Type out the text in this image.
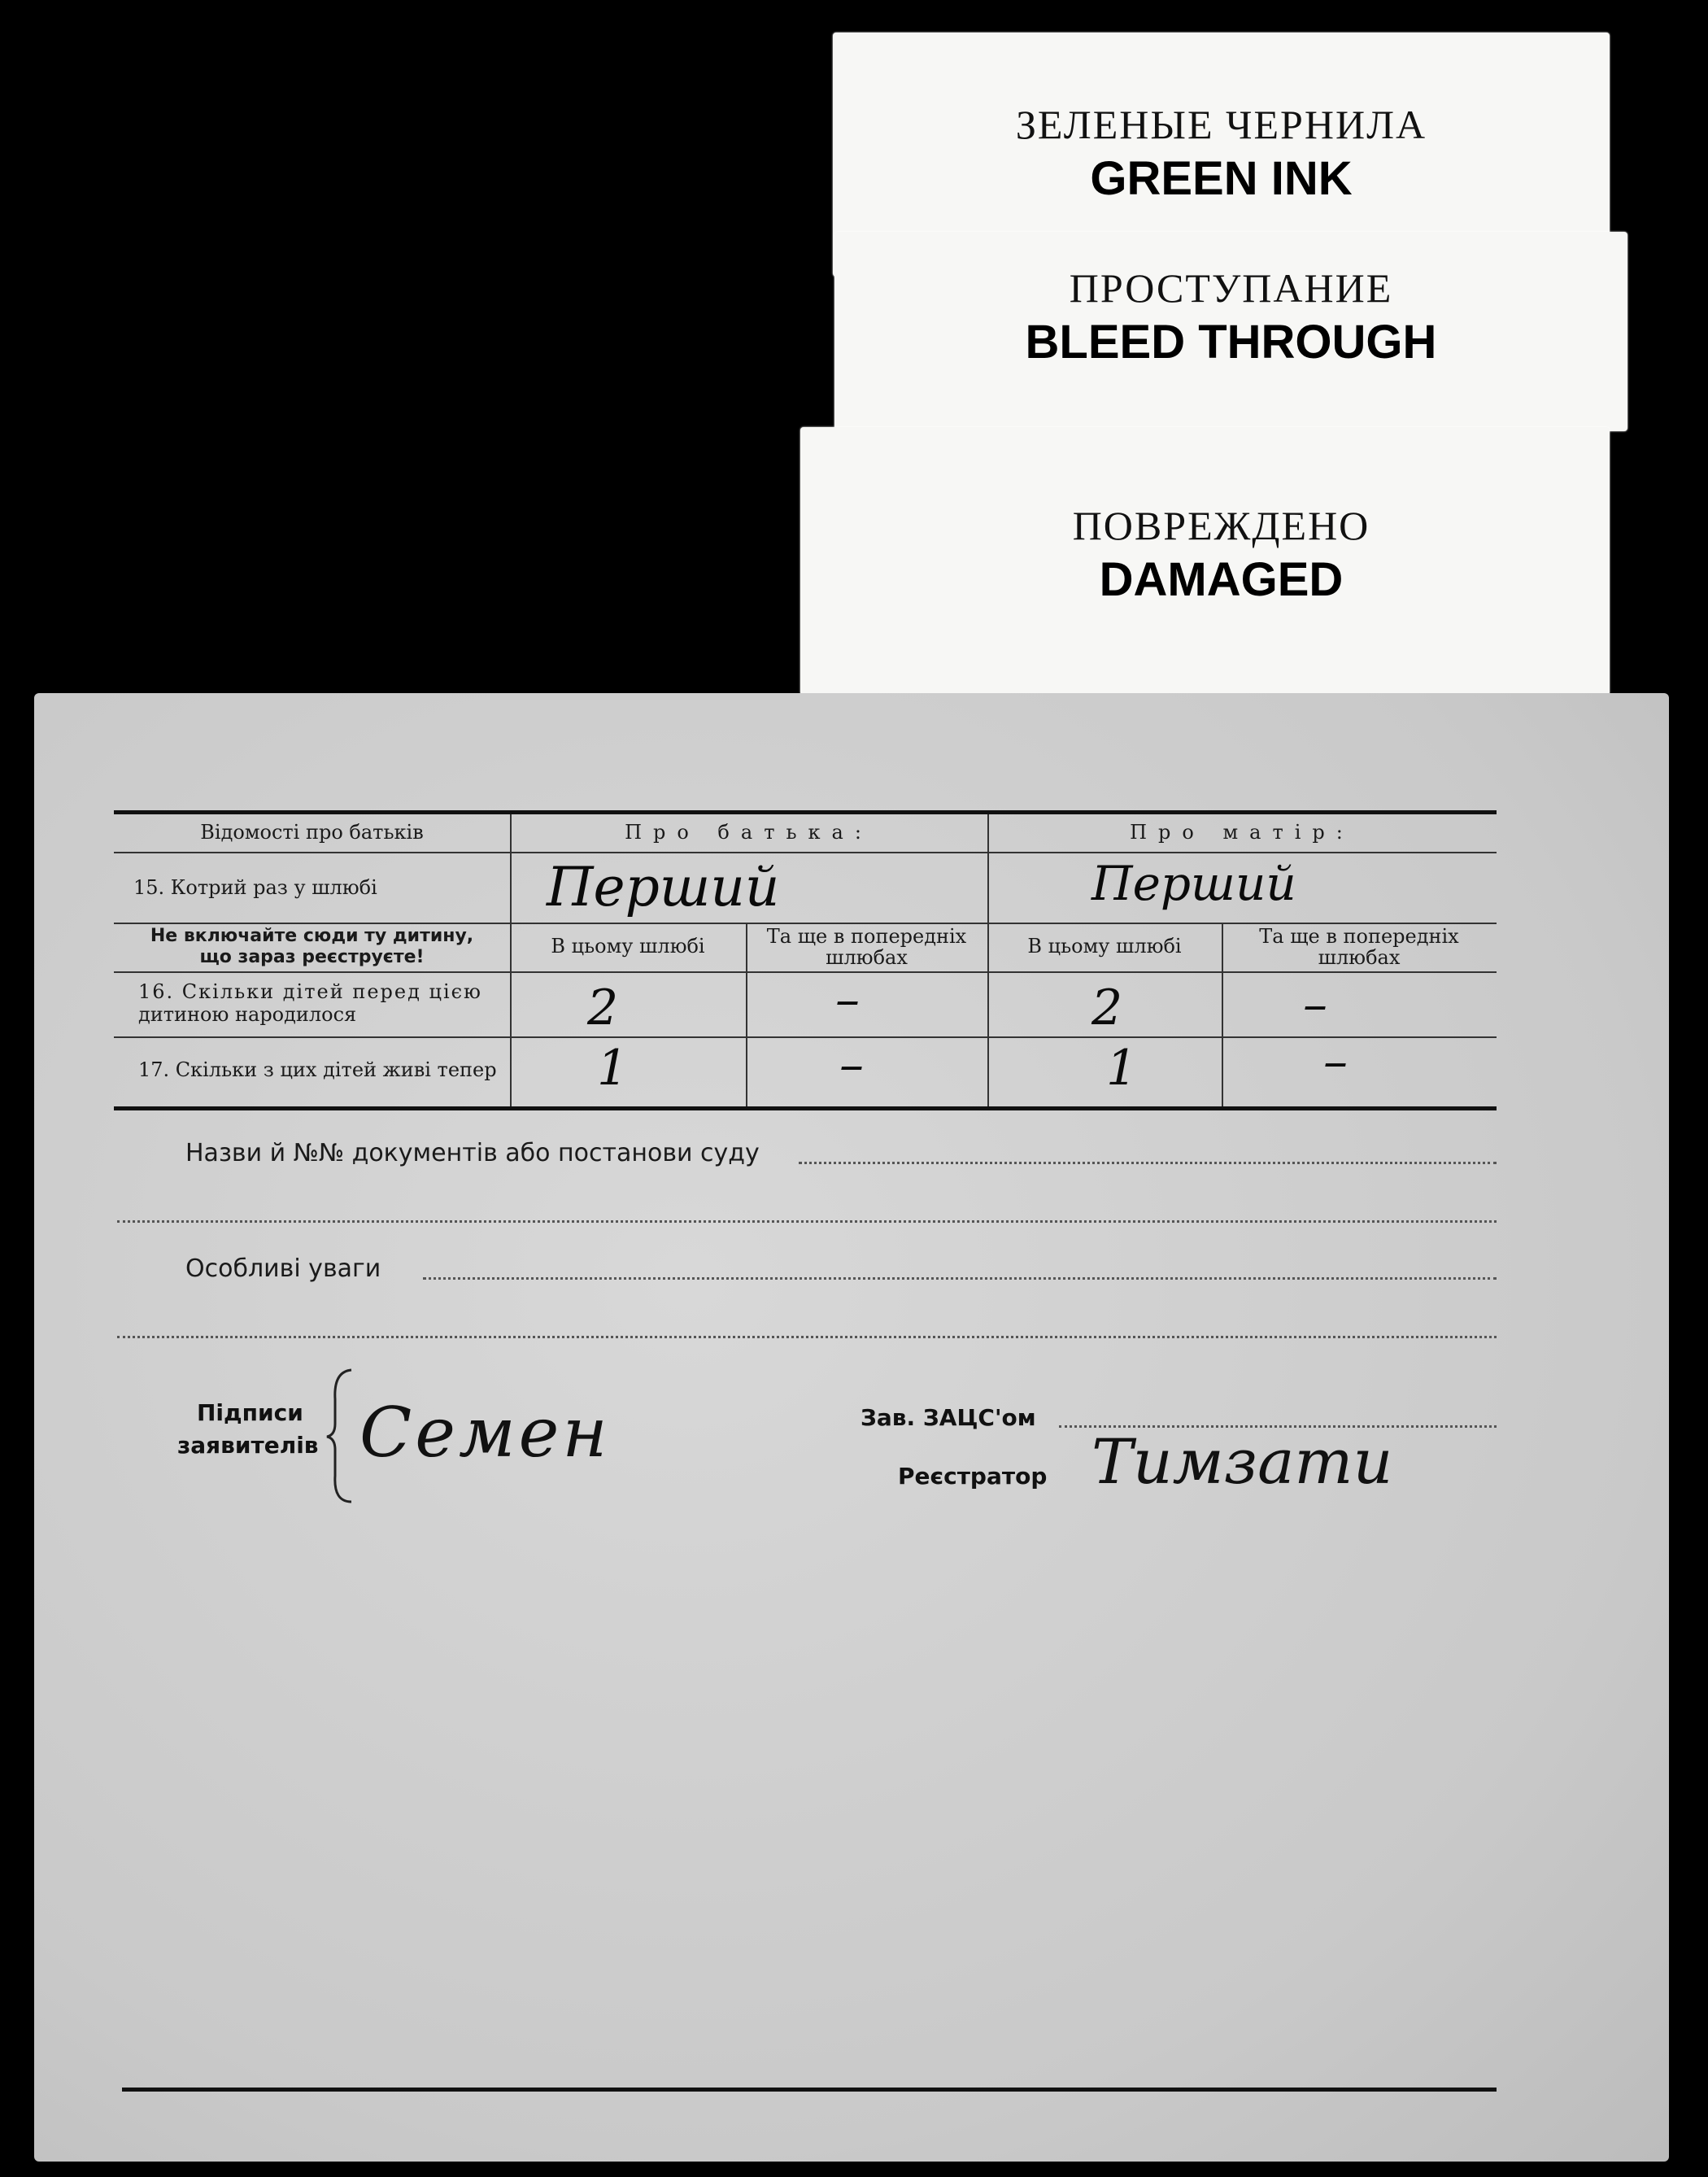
ЗЕЛЕНЫЕ ЧЕРНИЛА
GREEN INK
ПРОСТУПАНИЕ
BLEED THROUGH
ПОВРЕЖДЕНО
DAMAGED
Відомості про батьків	Про батька:	Про матір:
15. Котрий раз у шлюбі	Перший	Перший
Не включайте сюди ту дитину,
що зараз реєструєте!	В цьому шлюбі	Та ще в попередніх
шлюбах	В цьому шлюбі	Та ще в попередніх
шлюбах
16. Скільки дітей перед цією
дитиною народилося	2	–	2	–
17. Скільки з цих дітей живі тепер	1	–	1	–
Назви й №№ документів або постанови суду
Особливі уваги
Підписи
заявителів Семен	Зав. ЗАЦС'ом
Реєстратор Тимзати
